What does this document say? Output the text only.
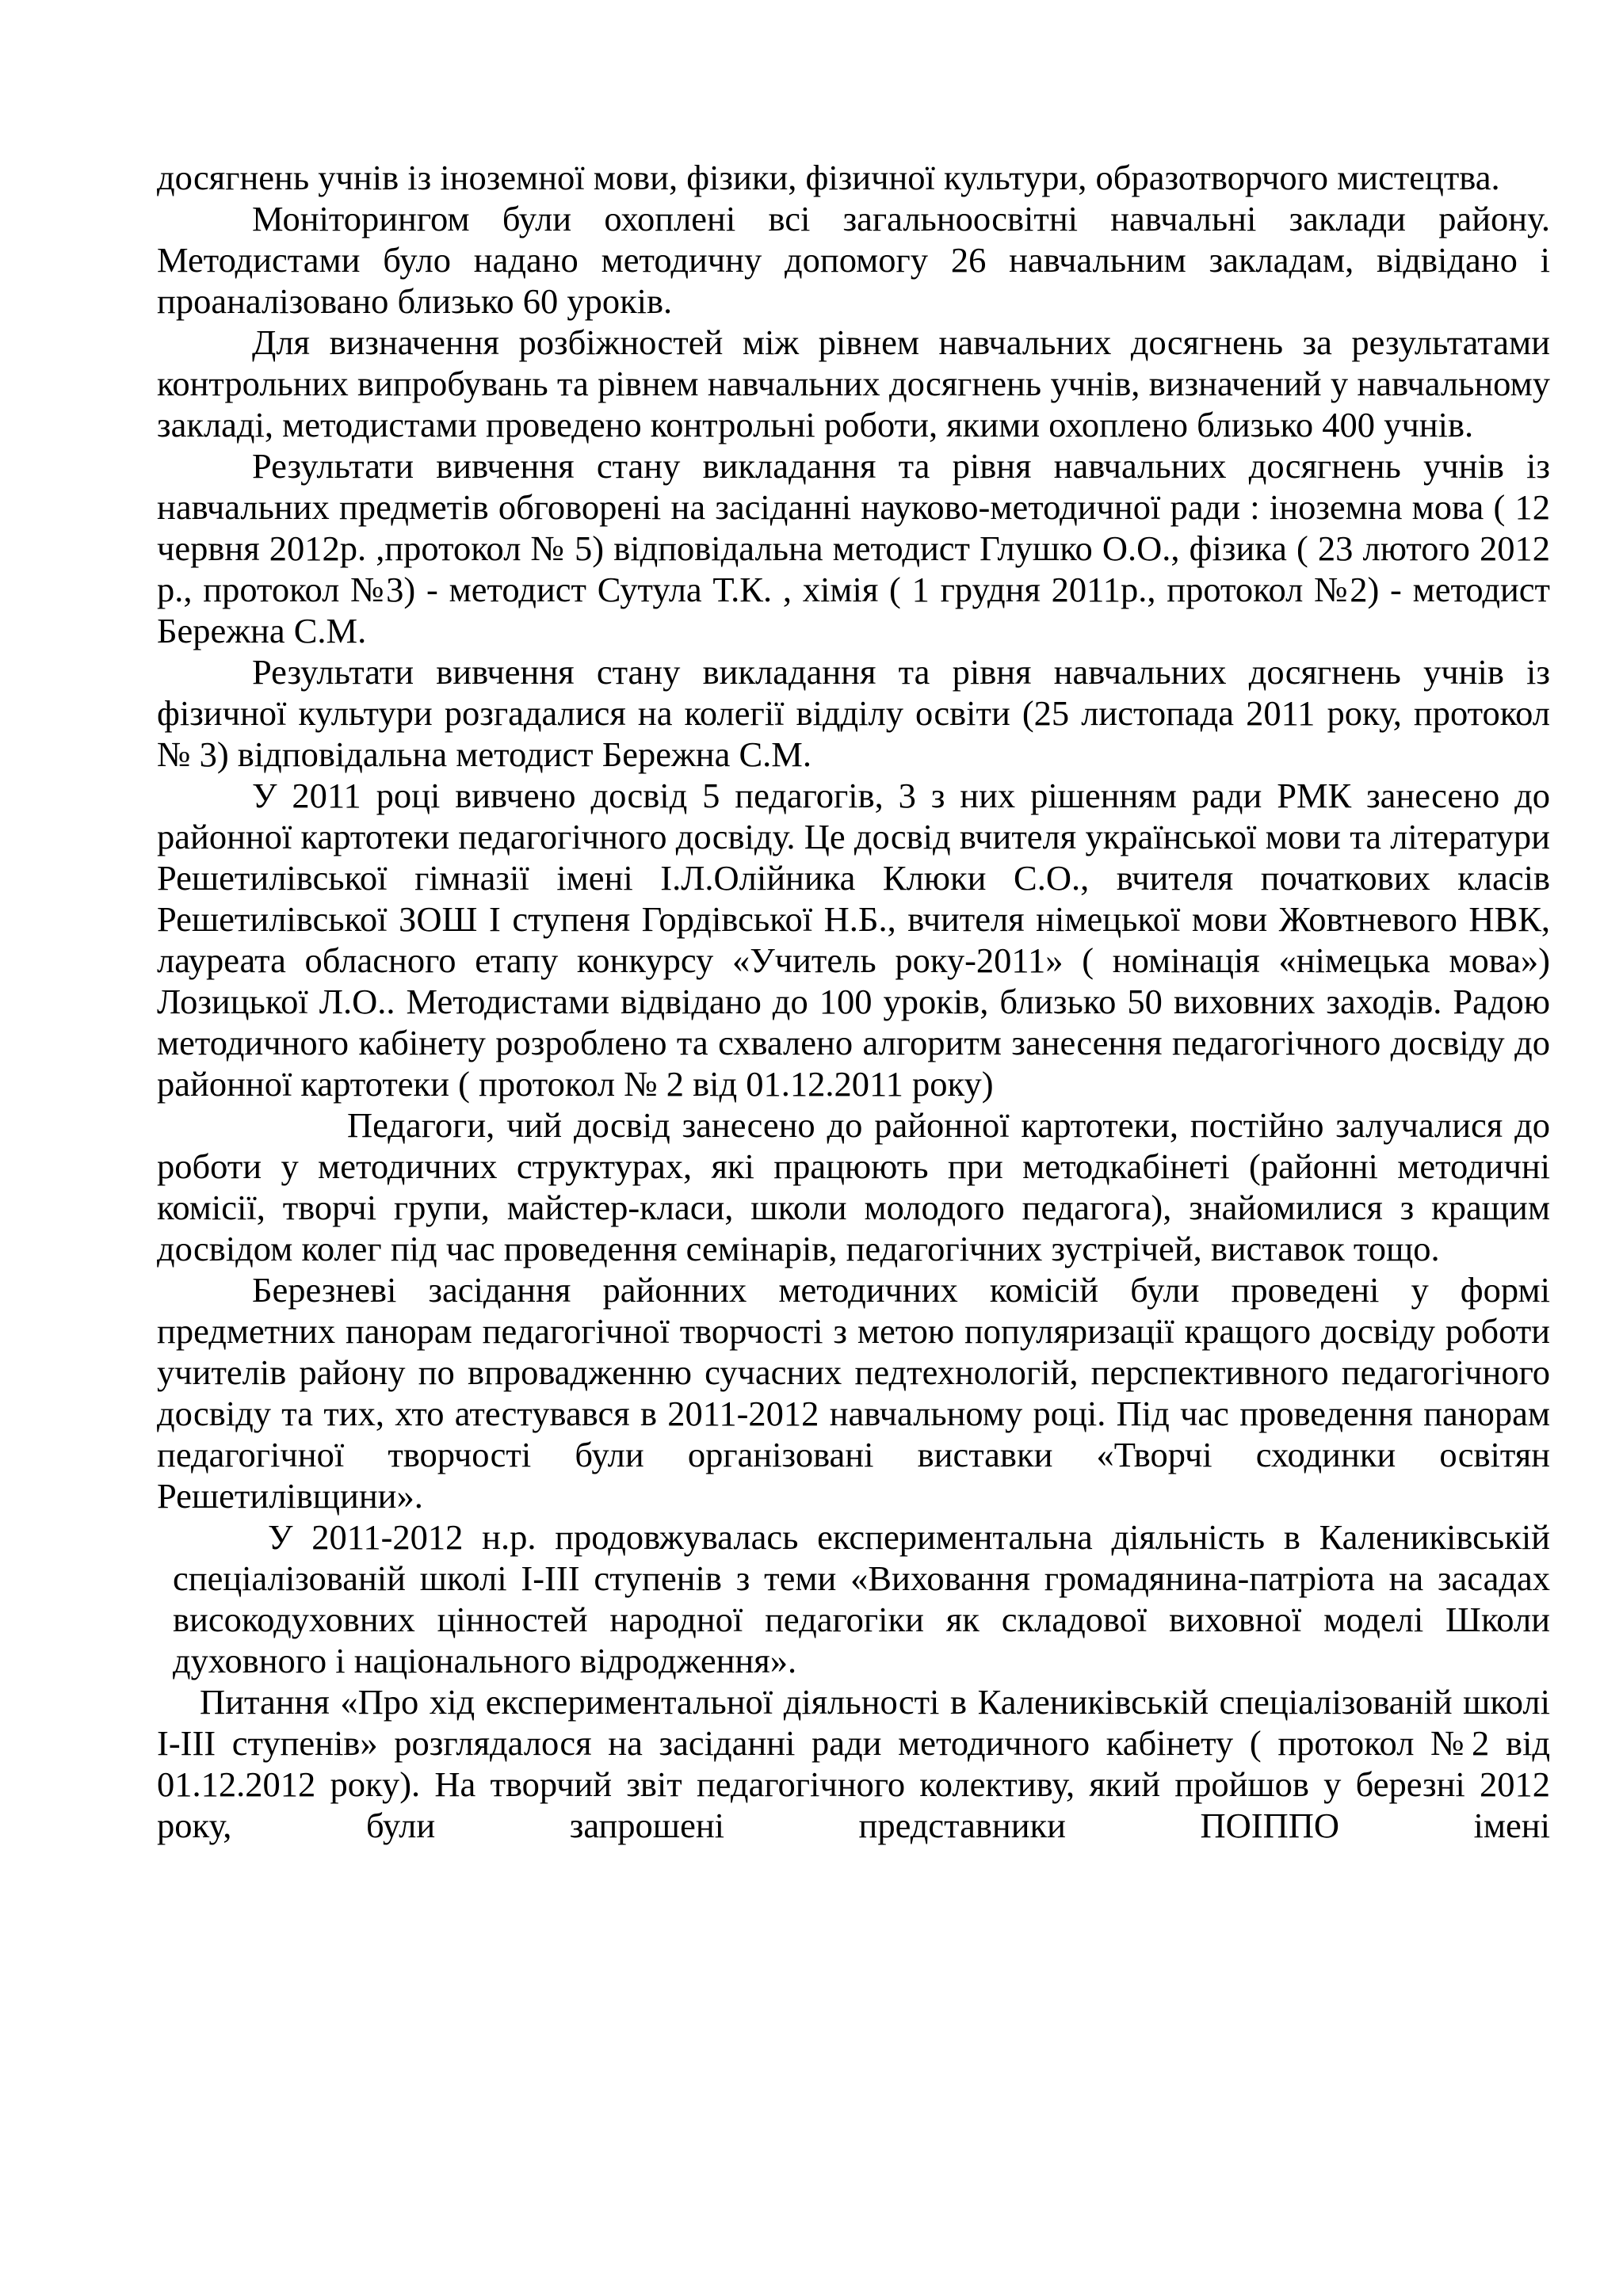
досягнень учнів із іноземної мови, фізики, фізичної культури, образотворчого мистецтва.

Моніторингом були охоплені всі загальноосвітні навчальні заклади району. Методистами було надано методичну допомогу 26 навчальним закладам, відвідано і проаналізовано близько 60 уроків.

Для визначення розбіжностей між рівнем навчальних досягнень за результатами контрольних випробувань та рівнем навчальних досягнень учнів, визначений у навчальному закладі, методистами проведено контрольні роботи, якими охоплено близько 400 учнів.

Результати вивчення стану викладання та рівня навчальних досягнень учнів із навчальних предметів обговорені на засіданні науково-методичної ради : іноземна мова ( 12 червня 2012р. ,протокол № 5) відповідальна методист Глушко О.О., фізика ( 23 лютого 2012 р., протокол №3) - методист Сутула Т.К. , хімія ( 1 грудня 2011р., протокол №2) - методист Бережна С.М.

Результати вивчення стану викладання та рівня навчальних досягнень учнів із фізичної культури розгадалися на колегії відділу освіти (25 листопада 2011 року, протокол № 3) відповідальна методист Бережна С.М.

У 2011 році вивчено досвід 5 педагогів, 3 з них рішенням ради РМК занесено до районної картотеки педагогічного досвіду. Це досвід вчителя української мови та літератури Решетилівської гімназії імені І.Л.Олійника Клюки С.О., вчителя початкових класів Решетилівської ЗОШ І ступеня Гордівської Н.Б., вчителя німецької мови Жовтневого НВК, лауреата обласного етапу конкурсу «Учитель року-2011» ( номінація «німецька мова») Лозицької Л.О.. Методистами відвідано до 100 уроків, близько 50 виховних заходів. Радою методичного кабінету розроблено та схвалено алгоритм занесення педагогічного досвіду до районної картотеки ( протокол № 2 від 01.12.2011 року)

Педагоги, чий досвід занесено до районної картотеки, постійно залучалися до роботи у методичних структурах, які працюють при методкабінеті (районні методичні комісії, творчі групи, майстер-класи, школи молодого педагога), знайомилися з кращим досвідом колег під час проведення семінарів, педагогічних зустрічей, виставок тощо.

Березневі засідання районних методичних комісій були проведені у формі предметних панорам педагогічної творчості з метою популяризації кращого досвіду роботи учителів району по впровадженню сучасних педтехнологій, перспективного педагогічного досвіду та тих, хто атестувався в 2011-2012 навчальному році. Під час проведення панорам педагогічної творчості були організовані виставки «Творчі сходинки освітян Решетилівщини».

У 2011-2012 н.р. продовжувалась експериментальна діяльність в Калениківській спеціалізованій школі І-ІІІ ступенів з теми «Виховання громадянина-патріота на засадах високодуховних цінностей народної педагогіки як складової виховної моделі Школи духовного і національного відродження».

Питання «Про хід експериментальної діяльності в Калениківській спеціалізованій школі І-ІІІ ступенів» розглядалося на засіданні ради методичного кабінету ( протокол №2 від 01.12.2012 року). На творчий звіт педагогічного колективу, який пройшов у березні 2012 року, були запрошені представники ПОІППО імені
